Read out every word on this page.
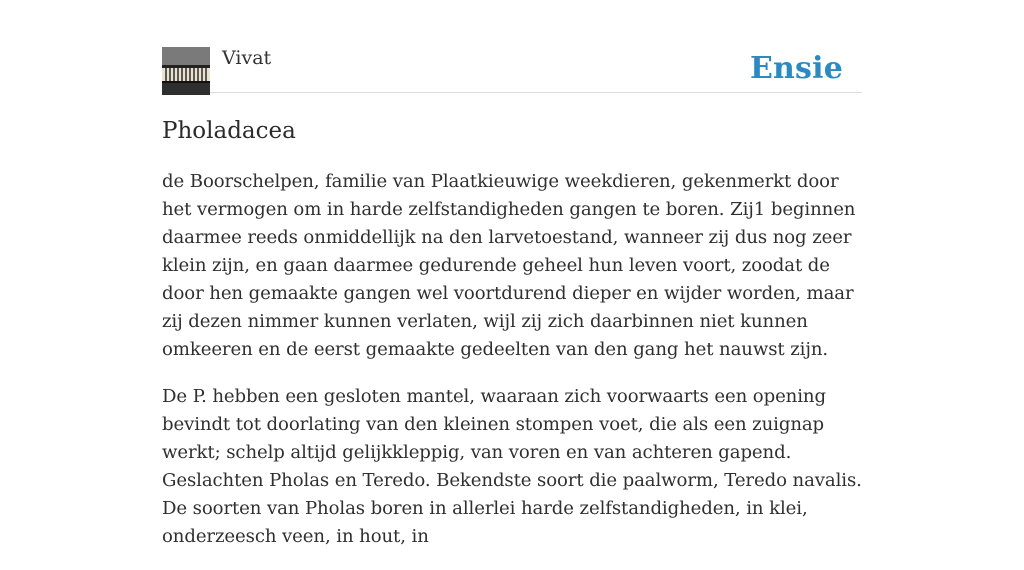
Vivat	Ensie
Pholadacea

de Boorschelpen, familie van Plaatkieuwige weekdieren, gekenmerkt door het vermogen om in harde zelfstandigheden gangen te boren. Zij1 beginnen daarmee reeds onmiddellijk na den larvetoestand, wanneer zij dus nog zeer klein zijn, en gaan daarmee gedurende geheel hun leven voort, zoodat de door hen gemaakte gangen wel voortdurend dieper en wijder worden, maar zij dezen nimmer kunnen verlaten, wijl zij zich daarbinnen niet kunnen omkeeren en de eerst gemaakte gedeelten van den gang het nauwst zijn.

De P. hebben een gesloten mantel, waaraan zich voorwaarts een opening bevindt tot doorlating van den kleinen stompen voet, die als een zuignap werkt; schelp altijd gelijkkleppig, van voren en van achteren gapend. Geslachten Pholas en Teredo. Bekendste soort die paalworm, Teredo navalis. De soorten van Pholas boren in allerlei harde zelfstandigheden, in klei, onderzeesch veen, in hout, in
